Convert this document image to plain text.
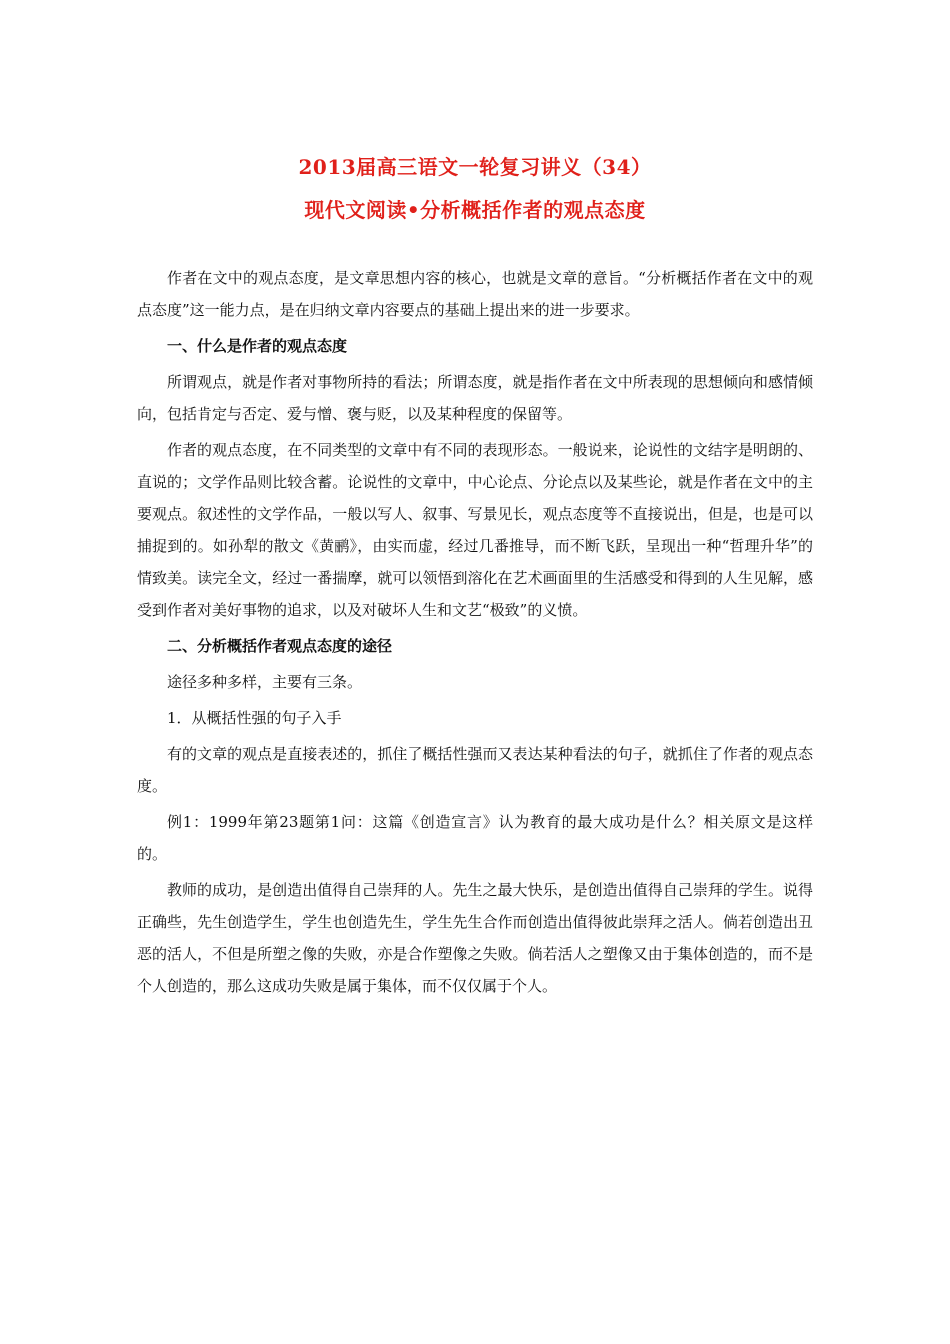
2013届高三语文一轮复习讲义（34）
现代文阅读•分析概括作者的观点态度

作者在文中的观点态度，是文章思想内容的核心，也就是文章的意旨。“分析概括作者在文中的观点态度”这一能力点，是在归纳文章内容要点的基础上提出来的进一步要求。

一、什么是作者的观点态度

所谓观点，就是作者对事物所持的看法；所谓态度，就是指作者在文中所表现的思想倾向和感情倾向，包括肯定与否定、爱与憎、褒与贬，以及某种程度的保留等。

作者的观点态度，在不同类型的文章中有不同的表现形态。一般说来，论说性的文结字是明朗的、直说的；文学作品则比较含蓄。论说性的文章中，中心论点、分论点以及某些论，就是作者在文中的主要观点。叙述性的文学作品，一般以写人、叙事、写景见长，观点态度等不直接说出，但是，也是可以捕捉到的。如孙犁的散文《黄鹂》，由实而虚，经过几番推导，而不断飞跃，呈现出一种“哲理升华”的情致美。读完全文，经过一番揣摩，就可以领悟到溶化在艺术画面里的生活感受和得到的人生见解，感受到作者对美好事物的追求，以及对破坏人生和文艺“极致”的义愤。

二、分析概括作者观点态度的途径

途径多种多样，主要有三条。

1．从概括性强的句子入手

有的文章的观点是直接表述的，抓住了概括性强而又表达某种看法的句子，就抓住了作者的观点态度。

例1：1999年第23题第1问：这篇《创造宣言》认为教育的最大成功是什么？相关原文是这样的。

教师的成功，是创造出值得自己崇拜的人。先生之最大快乐，是创造出值得自己崇拜的学生。说得正确些，先生创造学生，学生也创造先生，学生先生合作而创造出值得彼此崇拜之活人。倘若创造出丑恶的活人，不但是所塑之像的失败，亦是合作塑像之失败。倘若活人之塑像又由于集体创造的，而不是个人创造的，那么这成功失败是属于集体，而不仅仅属于个人。
